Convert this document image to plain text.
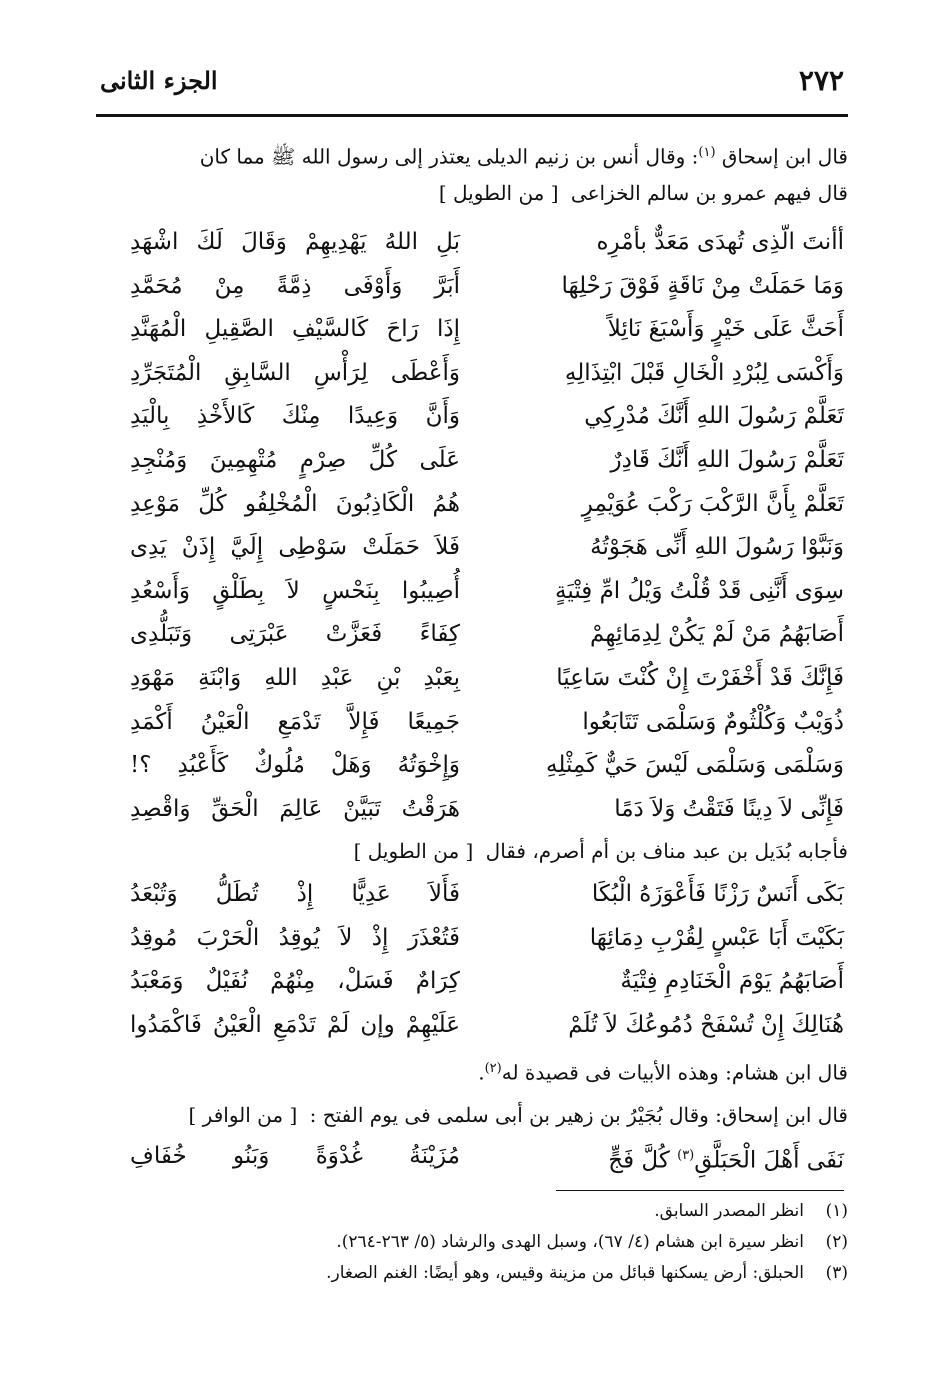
٢٧٢
الجزء الثانى
قال ابن إسحاق $^{(١)}$: وقال أنس بن زنيم الديلى يعتذر إلى رسول الله ﷺ مما كان
قال فيهم عمرو بن سالم الخزاعى [ من الطويل ]
أأنتَ الّذِى تُهدَى مَعَدٌّ بأمْرِه
بَلِ اللهُ يَهْدِيهِمْ وَقَالَ لَكَ اشْهَدِ
وَمَا حَمَلَتْ مِنْ نَاقَةٍ فَوْقَ رَحْلِهَا
أَبَرَّ وَأَوْفَى ذِمَّةً مِنْ مُحَمَّدِ
أَحَثَّ عَلَى خَيْرٍ وَأَسْبَغَ نَائِلاً
إِذَا رَاحَ كَالسَّيْفِ الصَّقِيلِ الْمُهَنَّدِ
وَأَكْسَى لِبُرْدِ الْخَالِ قَبْلَ ابْتِذَالِهِ
وَأَعْطَى لِرَأْسِ السَّابِقِ الْمُتَجَرِّدِ
تَعَلَّمْ رَسُولَ اللهِ أَنَّكَ مُدْرِكِي
وَأَنَّ وَعِيدًا مِنْكَ كَالأَخْذِ بِالْيَدِ
تَعَلَّمْ رَسُولَ اللهِ أَنَّكَ قَادِرٌ
عَلَى كُلِّ صِرْمٍ مُتْهِمِينَ وَمُنْجِدِ
تَعَلَّمْ بِأَنَّ الرَّكْبَ رَكْبَ عُوَيْمِرٍ
هُمُ الْكَاذِبُونَ الْمُخْلِفُو كُلِّ مَوْعِدِ
وَنَبَّوْا رَسُولَ اللهِ أَنِّى هَجَوْتُهُ
فَلاَ حَمَلَتْ سَوْطِى إِلَيَّ إِذَنْ يَدِى
سِوَى أَنَّنِى قَدْ قُلْتُ وَيْلُ امِّ فِتْيَةٍ
أُصِيبُوا بِنَحْسٍ لاَ بِطَلْقٍ وَأَسْعُدِ
أَصَابَهُمُ مَنْ لَمْ يَكُنْ لِدِمَائِهِمْ
كِفَاءً فَعَزَّتْ عَبْرَتِى وَتَبَلُّدِى
فَإِنَّكَ قَدْ أَخْفَرْتَ إِنْ كُنْتَ سَاعِيًا
بِعَبْدِ بْنِ عَبْدِ اللهِ وَابْنَةِ مَهْوَدِ
ذُوَيْبٌ وَكُلْثُومٌ وَسَلْمَى تَتَابَعُوا
جَمِيعًا فَإِلاَّ تَدْمَعِ الْعَيْنُ أَكْمَدِ
وَسَلْمَى وَسَلْمَى لَيْسَ حَيٌّ كَمِثْلِهِ
وَإِخْوَتُهُ وَهَلْ مُلُوكٌ كَأَعْبُدِ ؟!
فَإِنِّى لاَ دِينًا فَتَقْتُ وَلاَ دَمًا
هَرَقْتُ تَبَيَّنْ عَالِمَ الْحَقِّ وَاقْصِدِ
فأجابه بُدَيل بن عبد مناف بن أم أصرم، فقال [ من الطويل ]
بَكَى أَنَسٌ رَزْنًا فَأَعْوَزَهُ الْبُكَا
فَأَلاَ عَدِيًّا إِذْ تُطَلُّ وَتُبْعَدُ
بَكَيْتَ أَبَا عَبْسٍ لِقُرْبِ دِمَائِهَا
فَتُعْذَرَ إِذْ لاَ يُوقِدُ الْحَرْبَ مُوقِدُ
أَصَابَهُمُ يَوْمَ الْخَنَادِمِ فِتْيَةٌ
كِرَامٌ فَسَلْ، مِنْهُمْ نُفَيْلٌ وَمَعْبَدُ
هُنَالِكَ إِنْ تُسْفَحْ دُمُوعُكَ لاَ تُلَمْ
عَلَيْهِمْ وإن لَمْ تَدْمَعِ الْعَيْنُ فَاكْمَدُوا
قال ابن هشام: وهذه الأبيات فى قصيدة له$^{(٢)}$.
قال ابن إسحاق: وقال بُجَيْرُ بن زهير بن أبى سلمى فى يوم الفتح : [ من الوافر ]
نَفَى أَهْلَ الْحَبَلَّقِ$^{(٣)}$ كُلَّ فَجٍّ
مُزَيْنَةُ غُدْوَةً وَبَنُو خُفَافِ
(١)انظر المصدر السابق.
(٢)انظر سيرة ابن هشام (٤/ ٦٧)، وسبل الهدى والرشاد (٥/ ٢٦٣-٢٦٤).
(٣)الحبلق: أرض يسكنها قبائل من مزينة وقيس، وهو أيضًا: الغنم الصغار.
